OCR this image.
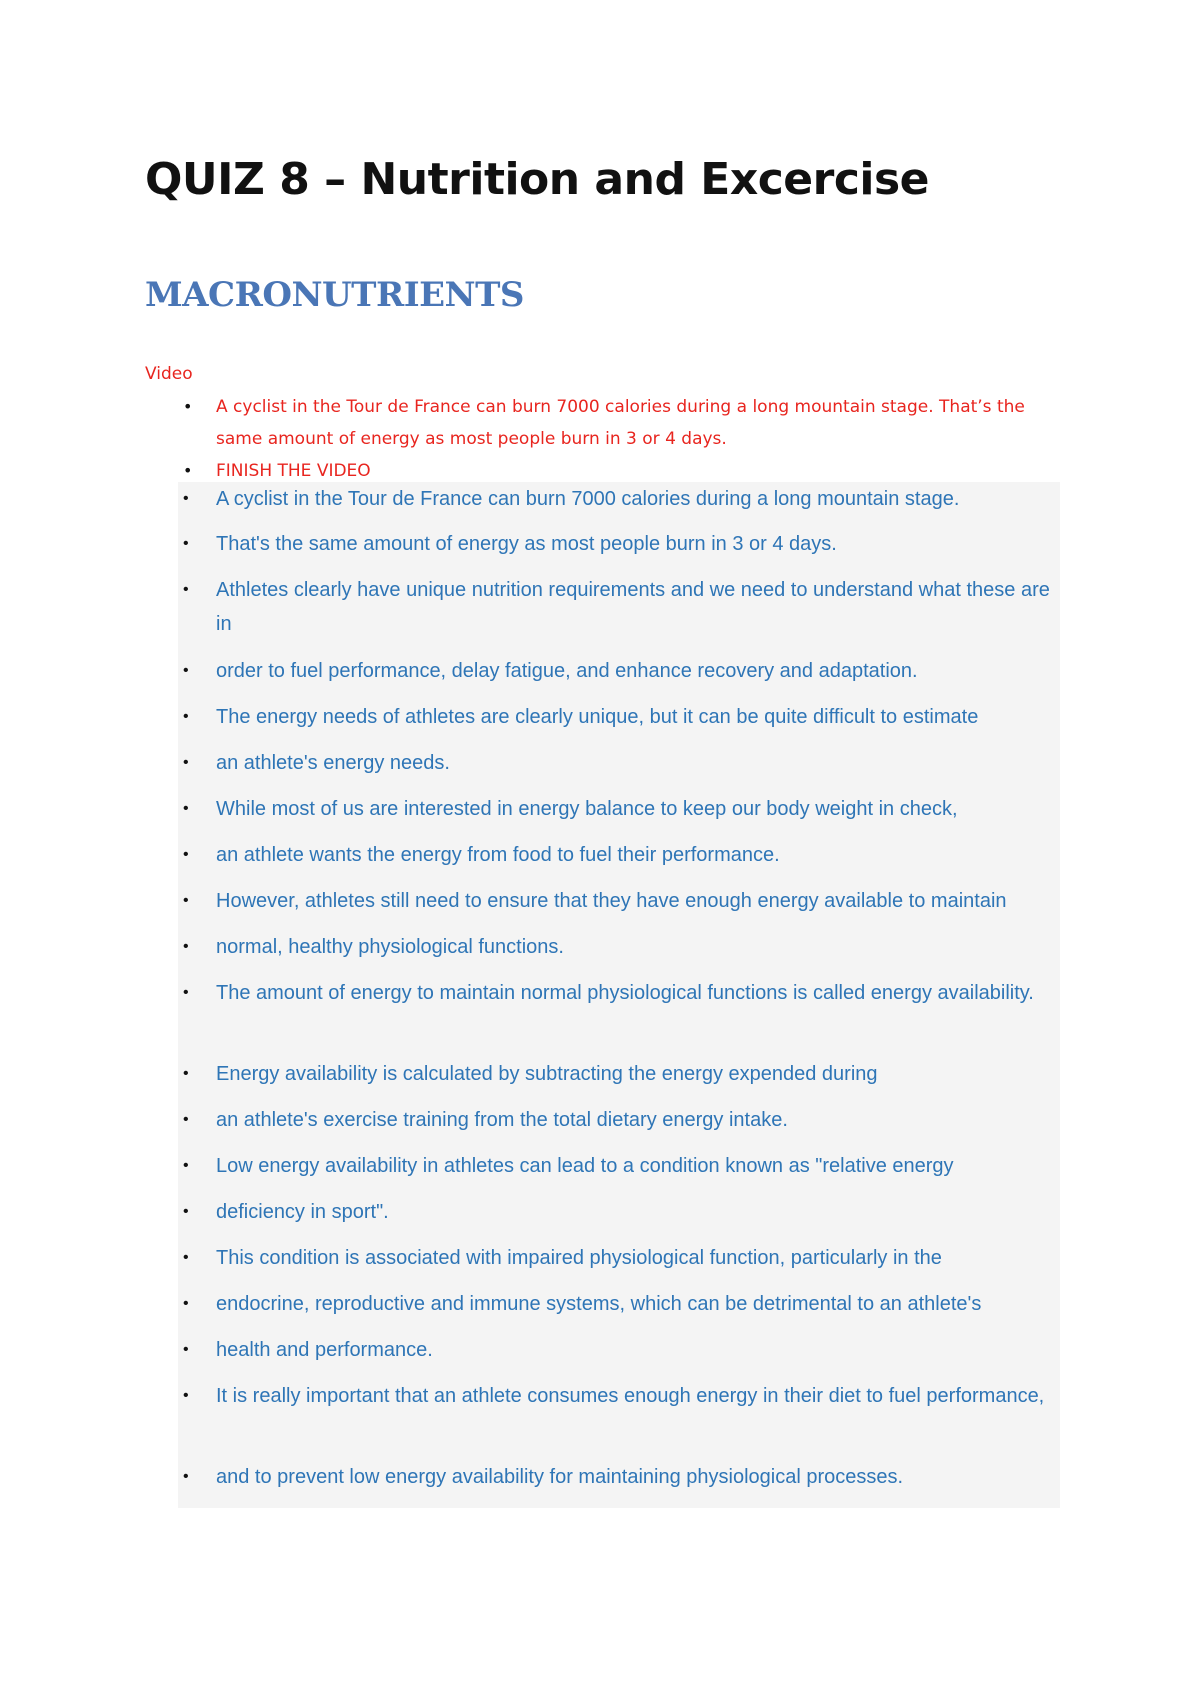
QUIZ 8 – Nutrition and Excercise
MACRONUTRIENTS
Video
• A cyclist in the Tour de France can burn 7000 calories during a long mountain stage. That’s the same amount of energy as most people burn in 3 or 4 days.
• FINISH THE VIDEO
• A cyclist in the Tour de France can burn 7000 calories during a long mountain stage.
• That's the same amount of energy as most people burn in 3 or 4 days.
• Athletes clearly have unique nutrition requirements and we need to understand what these are in
• order to fuel performance, delay fatigue, and enhance recovery and adaptation.
• The energy needs of athletes are clearly unique, but it can be quite difficult to estimate
• an athlete's energy needs.
• While most of us are interested in energy balance to keep our body weight in check,
• an athlete wants the energy from food to fuel their performance.
• However, athletes still need to ensure that they have enough energy available to maintain
• normal, healthy physiological functions.
• The amount of energy to maintain normal physiological functions is called energy availability.
• Energy availability is calculated by subtracting the energy expended during
• an athlete's exercise training from the total dietary energy intake.
• Low energy availability in athletes can lead to a condition known as "relative energy
• deficiency in sport".
• This condition is associated with impaired physiological function, particularly in the
• endocrine, reproductive and immune systems, which can be detrimental to an athlete's
• health and performance.
• It is really important that an athlete consumes enough energy in their diet to fuel performance,
• and to prevent low energy availability for maintaining physiological processes.
